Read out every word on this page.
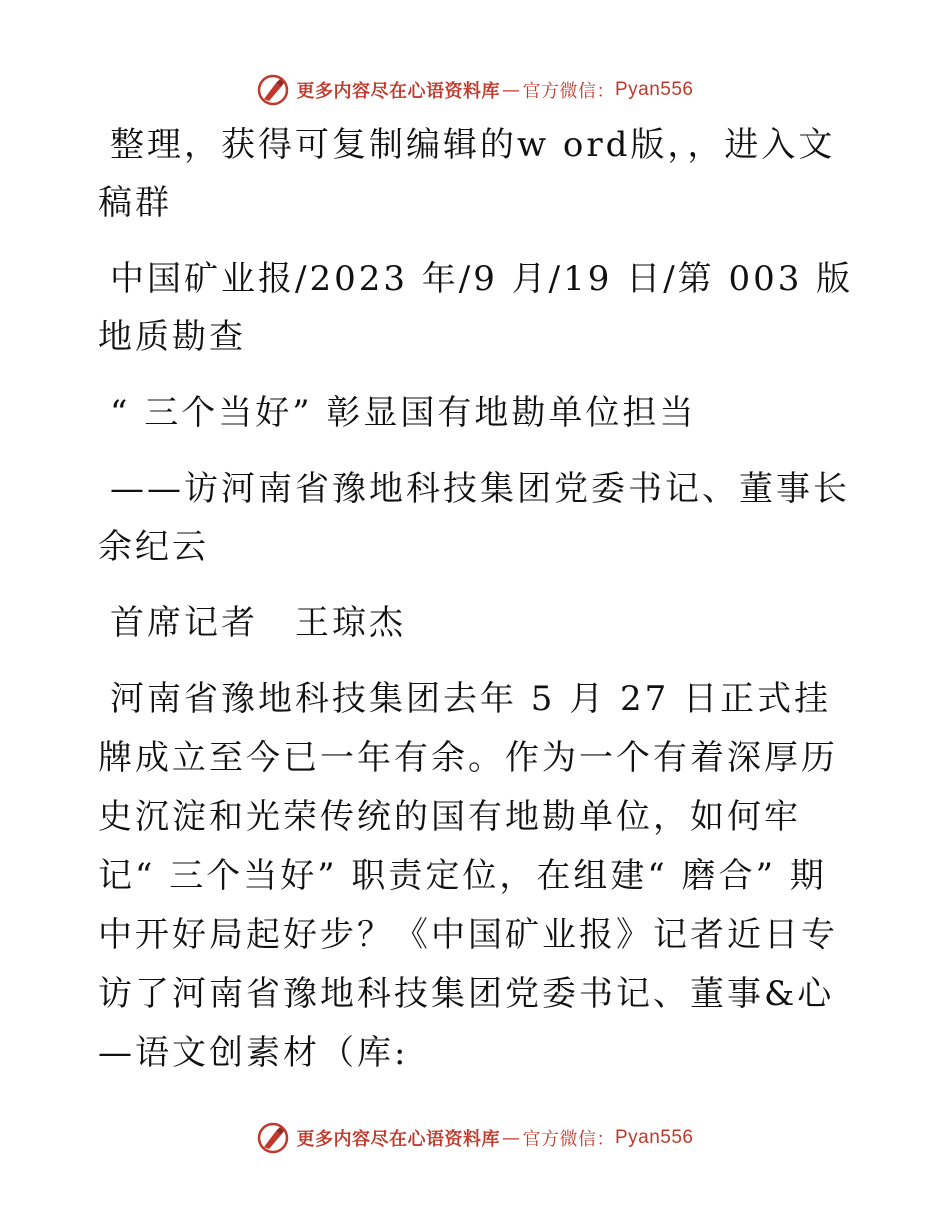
更多内容尽在心语资料库 — 官方微信： Pyan556

整理，获得可复制编辑的w ord版，，进入文稿群

中国矿业报/2023 年/9 月/19 日/第 003 版地质勘查

“ 三个当好” 彰显国有地勘单位担当

——访河南省豫地科技集团党委书记、董事长余纪云

首席记者　王琼杰

河南省豫地科技集团去年 5 月 27 日正式挂牌成立至今已一年有余。作为一个有着深厚历史沉淀和光荣传统的国有地勘单位，如何牢记“ 三个当好” 职责定位，在组建“ 磨合” 期中开好局起好步？《中国矿业报》记者近日专访了河南省豫地科技集团党委书记、董事&心—语文创素材（库:

更多内容尽在心语资料库 — 官方微信： Pyan556
